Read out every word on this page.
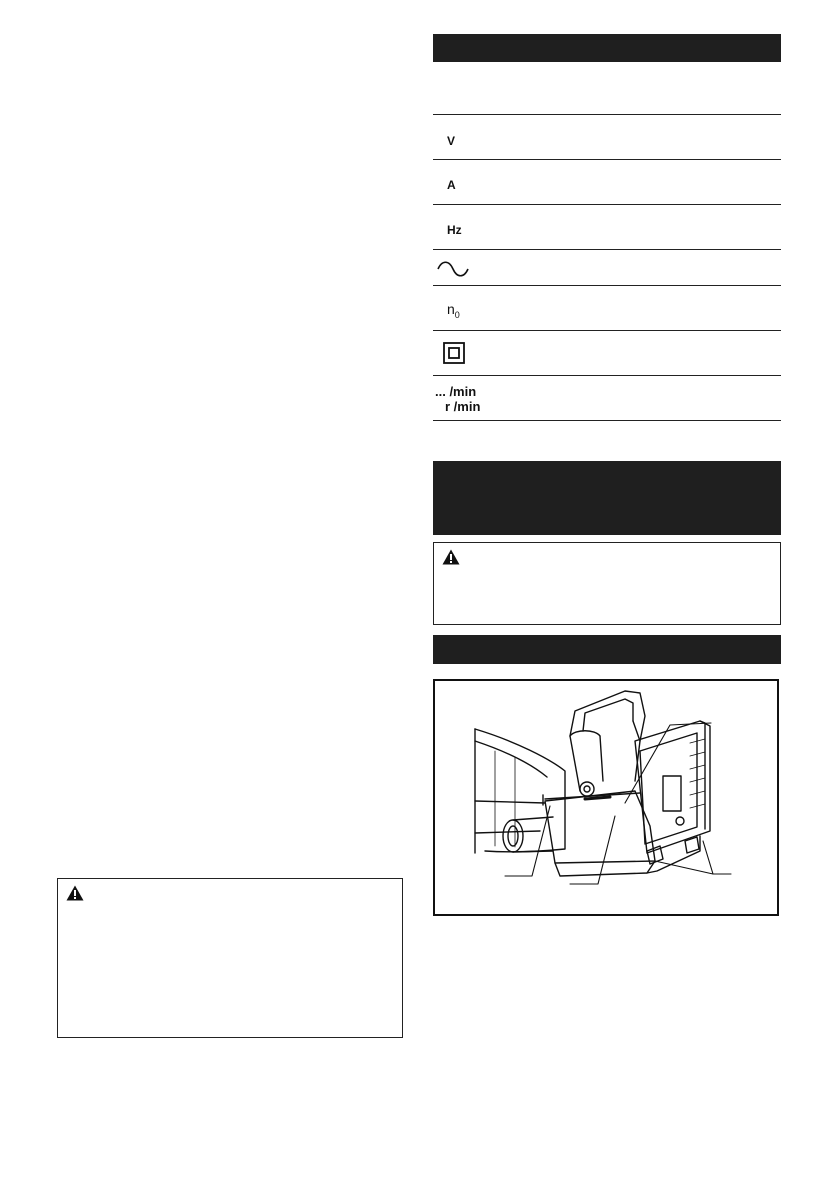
V
A
Hz
$n_0$
... /min
r /min
